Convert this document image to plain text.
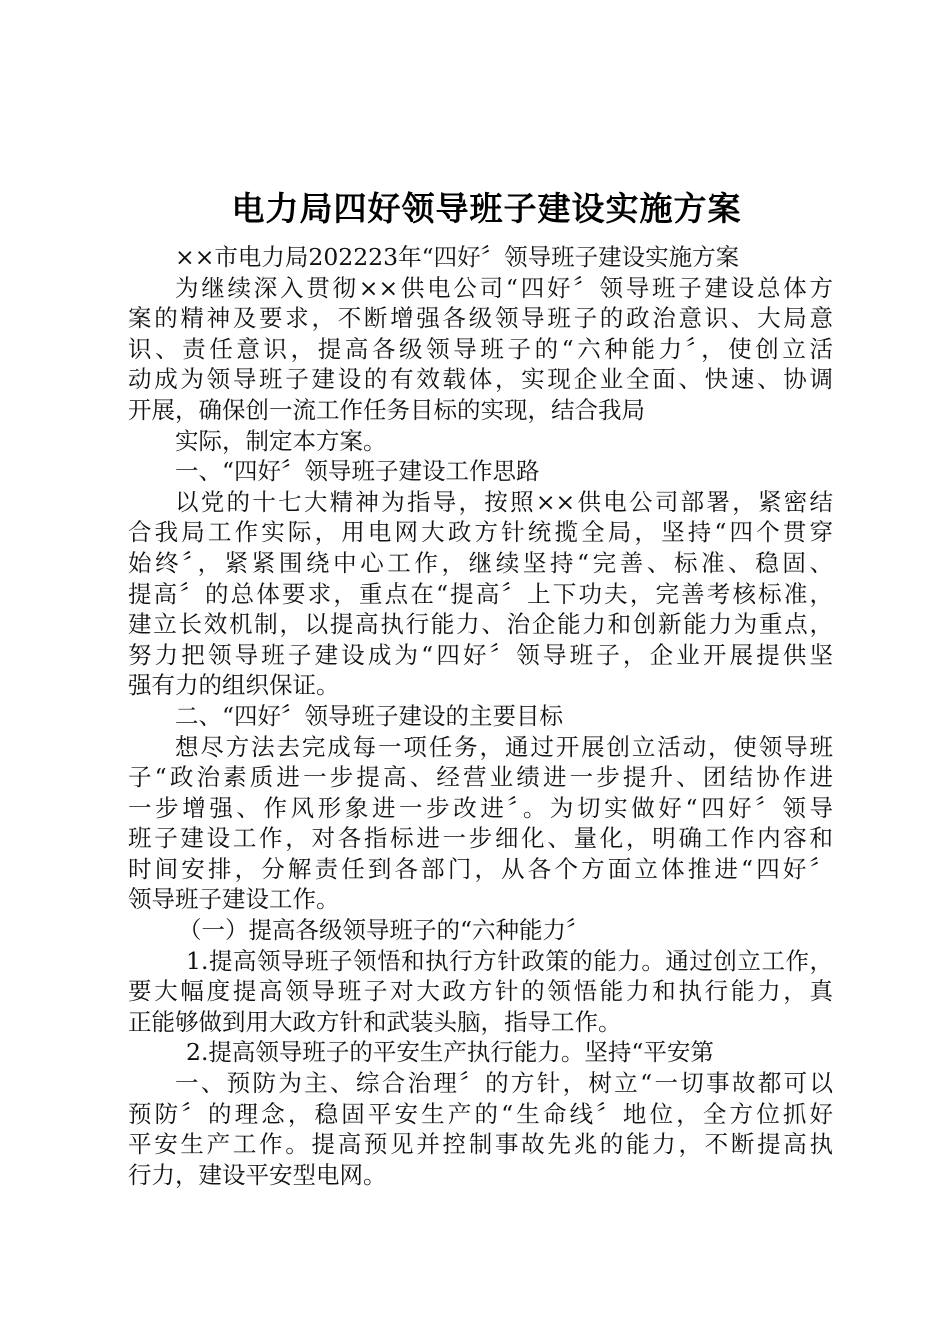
电力局四好领导班子建设实施方案

××市电力局202223年“四好〞领导班子建设实施方案

为继续深入贯彻××供电公司“四好〞领导班子建设总体方

案的精神及要求，不断增强各级领导班子的政治意识、大局意

识、责任意识，提高各级领导班子的“六种能力〞，使创立活

动成为领导班子建设的有效载体，实现企业全面、快速、协调

开展，确保创一流工作任务目标的实现，结合我局

实际，制定本方案。

一、“四好〞领导班子建设工作思路

以党的十七大精神为指导，按照××供电公司部署，紧密结

合我局工作实际，用电网大政方针统揽全局，坚持“四个贯穿

始终〞，紧紧围绕中心工作，继续坚持“完善、标准、稳固、

提高〞的总体要求，重点在“提高〞上下功夫，完善考核标准，

建立长效机制，以提高执行能力、治企能力和创新能力为重点，

努力把领导班子建设成为“四好〞领导班子，企业开展提供坚

强有力的组织保证。

二、“四好〞领导班子建设的主要目标

想尽方法去完成每一项任务，通过开展创立活动，使领导班

子“政治素质进一步提高、经营业绩进一步提升、团结协作进

一步增强、作风形象进一步改进〞。为切实做好“四好〞领导

班子建设工作，对各指标进一步细化、量化，明确工作内容和

时间安排，分解责任到各部门，从各个方面立体推进“四好〞

领导班子建设工作。

（一）提高各级领导班子的“六种能力〞

1.提高领导班子领悟和执行方针政策的能力。通过创立工作，

要大幅度提高领导班子对大政方针的领悟能力和执行能力，真

正能够做到用大政方针和武装头脑，指导工作。

2.提高领导班子的平安生产执行能力。坚持“平安第

一、预防为主、综合治理〞的方针，树立“一切事故都可以

预防〞的理念，稳固平安生产的“生命线〞地位，全方位抓好

平安生产工作。提高预见并控制事故先兆的能力，不断提高执

行力，建设平安型电网。
